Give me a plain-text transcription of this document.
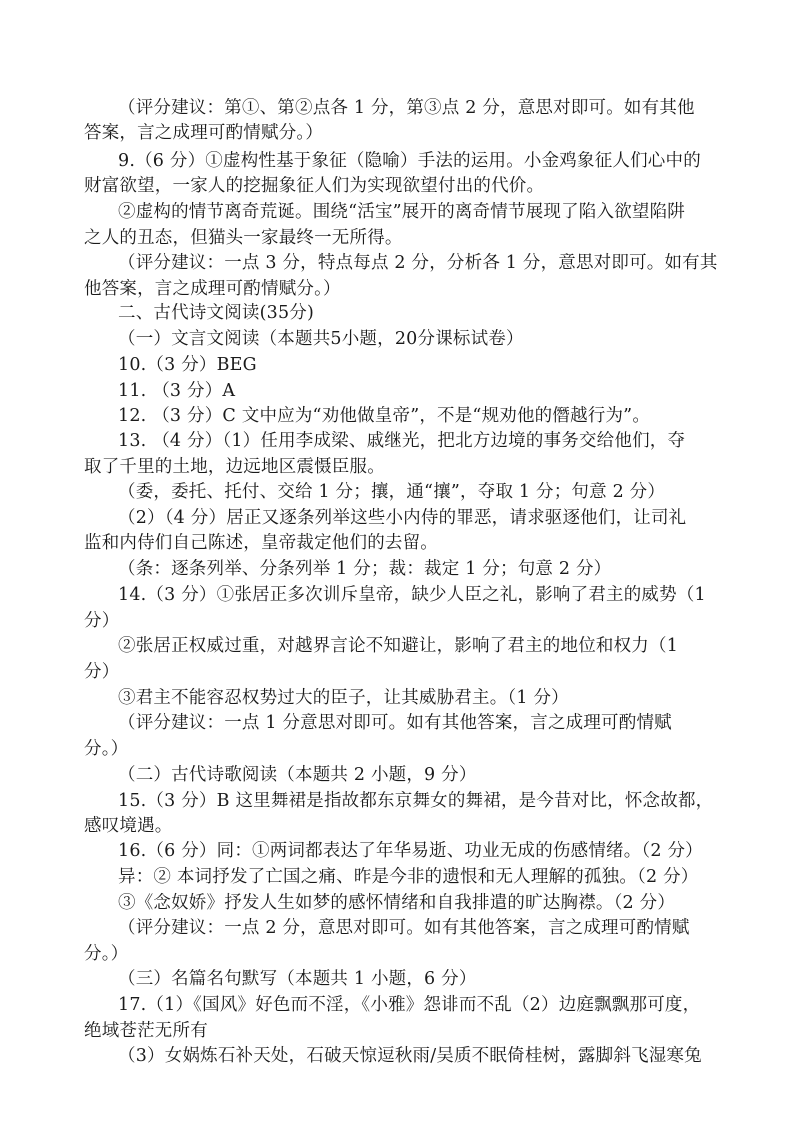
（评分建议：第①、第②点各 1 分，第③点 2 分，意思对即可。如有其他
答案，言之成理可酌情赋分。）
9.（6 分）①虚构性基于象征（隐喻）手法的运用。小金鸡象征人们心中的
财富欲望，一家人的挖掘象征人们为实现欲望付出的代价。
②虚构的情节离奇荒诞。围绕“活宝”展开的离奇情节展现了陷入欲望陷阱
之人的丑态，但猫头一家最终一无所得。
（评分建议：一点 3 分，特点每点 2 分，分析各 1 分，意思对即可。如有其
他答案，言之成理可酌情赋分。）
二、古代诗文阅读(35分)
（一）文言文阅读（本题共5小题，20分课标试卷）
10.（3 分）BEG
11. （3 分）A
12. （3 分）C 文中应为“劝他做皇帝”，不是“规劝他的僭越行为”。
13. （4 分）（1）任用李成梁、戚继光，把北方边境的事务交给他们，夺
取了千里的土地，边远地区震慑臣服。
（委，委托、托付、交给 1 分；攘，通“攘”，夺取 1 分；句意 2 分）
（2）（4 分）居正又逐条列举这些小内侍的罪恶，请求驱逐他们，让司礼
监和内侍们自己陈述，皇帝裁定他们的去留。
（条：逐条列举、分条列举 1 分；裁：裁定 1 分；句意 2 分）
14.（3 分）①张居正多次训斥皇帝，缺少人臣之礼，影响了君主的威势（1
分）
②张居正权威过重，对越界言论不知避让，影响了君主的地位和权力（1
分）
③君主不能容忍权势过大的臣子，让其威胁君主。（1 分）
（评分建议：一点 1 分意思对即可。如有其他答案，言之成理可酌情赋
分。）
（二）古代诗歌阅读（本题共 2 小题，9 分）
15.（3 分）B 这里舞裙是指故都东京舞女的舞裙，是今昔对比，怀念故都，
感叹境遇。
16.（6 分）同：①两词都表达了年华易逝、功业无成的伤感情绪。（2 分）
异：② 本词抒发了亡国之痛、昨是今非的遗恨和无人理解的孤独。（2 分）
③《念奴娇》抒发人生如梦的感怀情绪和自我排遣的旷达胸襟。（2 分）
（评分建议：一点 2 分，意思对即可。如有其他答案，言之成理可酌情赋
分。）
（三）名篇名句默写（本题共 1 小题，6 分）
17.（1）《国风》好色而不淫，《小雅》怨诽而不乱（2）边庭飘飘那可度，
绝域苍茫无所有
（3）女娲炼石补天处，石破天惊逗秋雨/吴质不眠倚桂树，露脚斜飞湿寒兔
